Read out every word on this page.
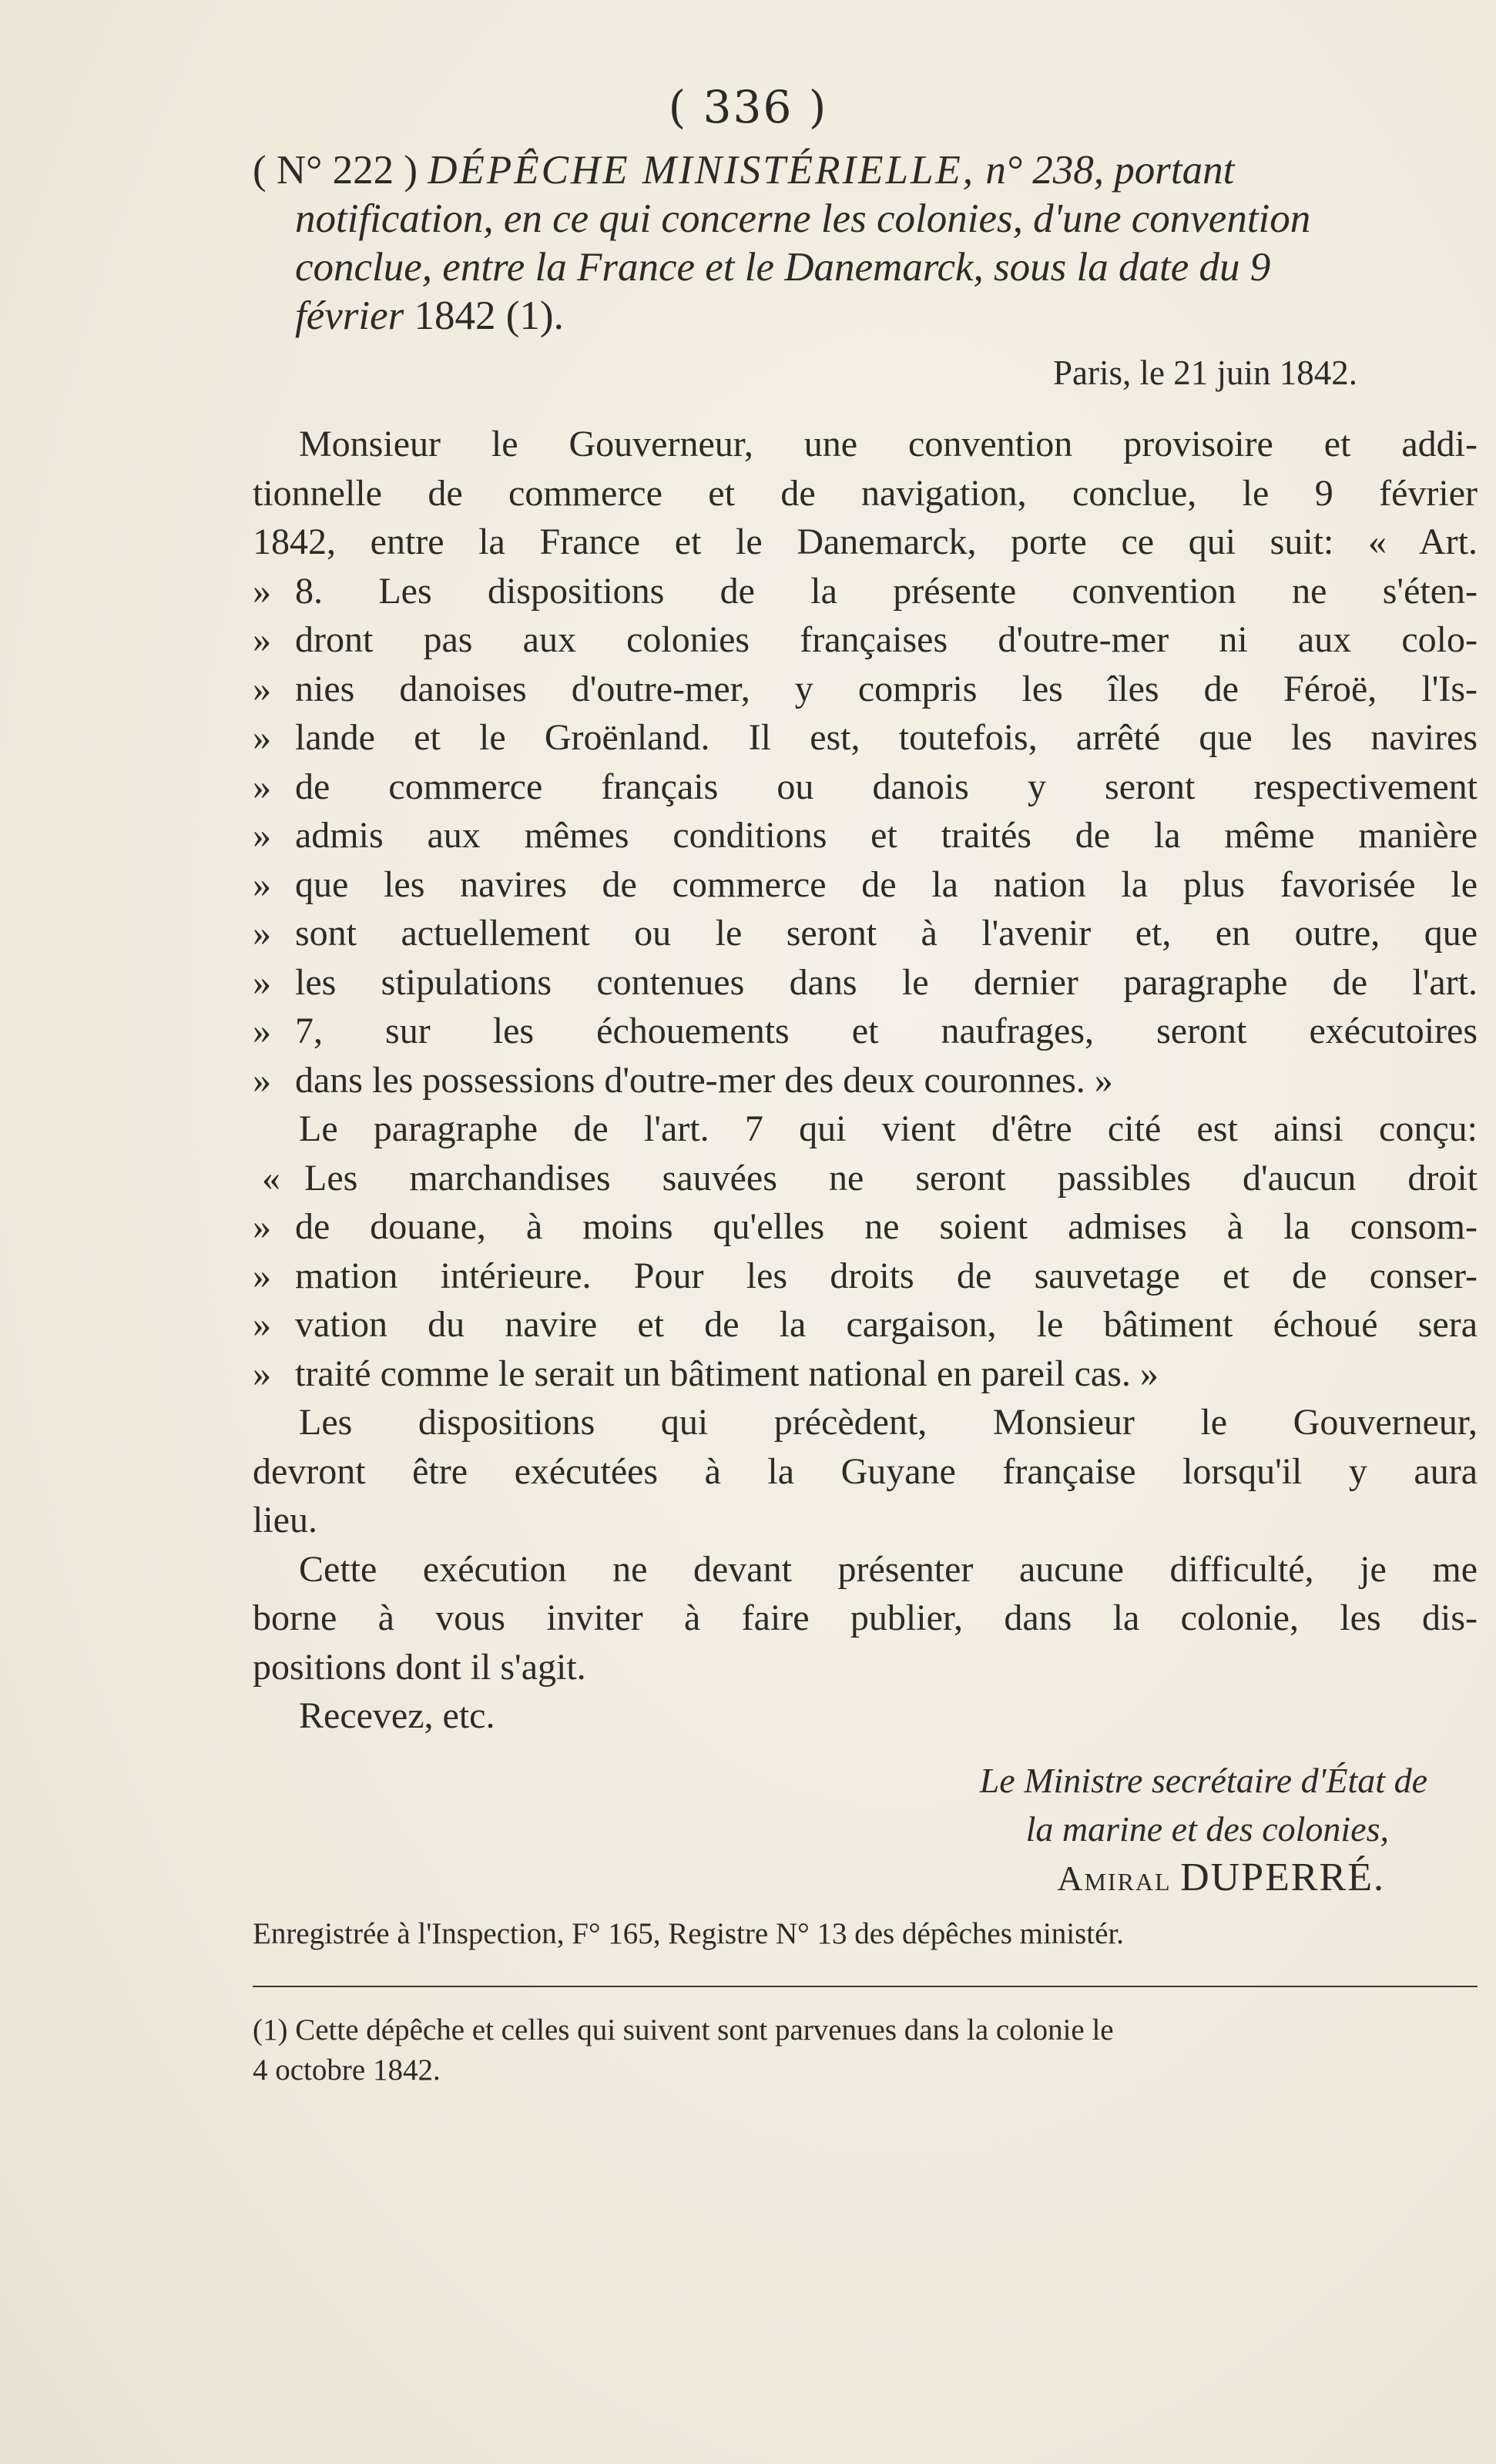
( 336 )
( N° 222 ) DÉPÊCHE MINISTÉRIELLE, n° 238, portant
notification, en ce qui concerne les colonies, d'une convention
conclue, entre la France et le Danemarck, sous la date du 9
février 1842 (1).
Paris, le 21 juin 1842.
Monsieur le Gouverneur, une convention provisoire et addi-
tionnelle de commerce et de navigation, conclue, le 9 février
1842, entre la France et le Danemarck, porte ce qui suit: « Art.
» 8. Les dispositions de la présente convention ne s'éten-
» dront pas aux colonies françaises d'outre-mer ni aux colo-
» nies danoises d'outre-mer, y compris les îles de Féroë, l'Is-
» lande et le Groënland. Il est, toutefois, arrêté que les navires
» de commerce français ou danois y seront respectivement
» admis aux mêmes conditions et traités de la même manière
» que les navires de commerce de la nation la plus favorisée le
» sont actuellement ou le seront à l'avenir et, en outre, que
» les stipulations contenues dans le dernier paragraphe de l'art.
» 7, sur les échouements et naufrages, seront exécutoires
» dans les possessions d'outre-mer des deux couronnes. »
Le paragraphe de l'art. 7 qui vient d'être cité est ainsi conçu:
« Les marchandises sauvées ne seront passibles d'aucun droit
» de douane, à moins qu'elles ne soient admises à la consom-
» mation intérieure. Pour les droits de sauvetage et de conser-
» vation du navire et de la cargaison, le bâtiment échoué sera
» traité comme le serait un bâtiment national en pareil cas. »
Les dispositions qui précèdent, Monsieur le Gouverneur,
devront être exécutées à la Guyane française lorsqu'il y aura
lieu.
Cette exécution ne devant présenter aucune difficulté, je me
borne à vous inviter à faire publier, dans la colonie, les dis-
positions dont il s'agit.
Recevez, etc.
Le Ministre secrétaire d'État de
la marine et des colonies,
Amiral DUPERRÉ.
Enregistrée à l'Inspection, F° 165, Registre N° 13 des dépêches ministér.
(1) Cette dépêche et celles qui suivent sont parvenues dans la colonie le
4 octobre 1842.
